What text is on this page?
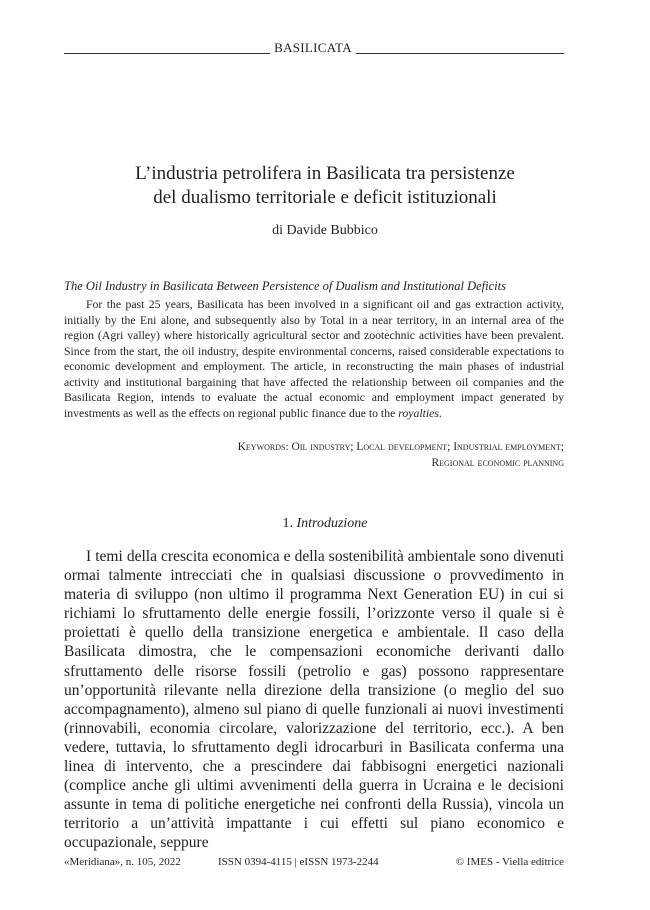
BASILICATA
L’industria petrolifera in Basilicata tra persistenze
del dualismo territoriale e deficit istituzionali
di Davide Bubbico
The Oil Industry in Basilicata Between Persistence of Dualism and Institutional Deficits
For the past 25 years, Basilicata has been involved in a significant oil and gas extraction activity, initially by the Eni alone, and subsequently also by Total in a near territory, in an internal area of the region (Agri valley) where historically agricultural sector and zootechnic activities have been prevalent. Since from the start, the oil industry, despite environmental concerns, raised considerable expectations to economic development and employment. The article, in reconstructing the main phases of industrial activity and institutional bargaining that have affected the relationship between oil companies and the Basilicata Region, intends to evaluate the actual economic and employment impact generated by investments as well as the effects on regional public finance due to the royalties.
Keywords: Oil industry; Local development; Industrial employment;
Regional economic planning
1. Introduzione
I temi della crescita economica e della sostenibilità ambientale sono divenuti ormai talmente intrecciati che in qualsiasi discussione o provvedimento in materia di sviluppo (non ultimo il programma Next Generation EU) in cui si richiami lo sfruttamento delle energie fossili, l’orizzonte verso il quale si è proiettati è quello della transizione energetica e ambientale. Il caso della Basilicata dimostra, che le compensazioni economiche derivanti dallo sfruttamento delle risorse fossili (petrolio e gas) possono rappresentare un’opportunità rilevante nella direzione della transizione (o meglio del suo accompagnamento), almeno sul piano di quelle funzionali ai nuovi investimenti (rinnovabili, economia circolare, valorizzazione del territorio, ecc.). A ben vedere, tuttavia, lo sfruttamento degli idrocarburi in Basilicata conferma una linea di intervento, che a prescindere dai fabbisogni energetici nazionali (complice anche gli ultimi avvenimenti della guerra in Ucraina e le decisioni assunte in tema di politiche energetiche nei confronti della Russia), vincola un territorio a un’attività impattante i cui effetti sul piano economico e occupazionale, seppure
«Meridiana», n. 105, 2022	ISSN 0394-4115 | eISSN 1973-2244	© IMES - Viella editrice
